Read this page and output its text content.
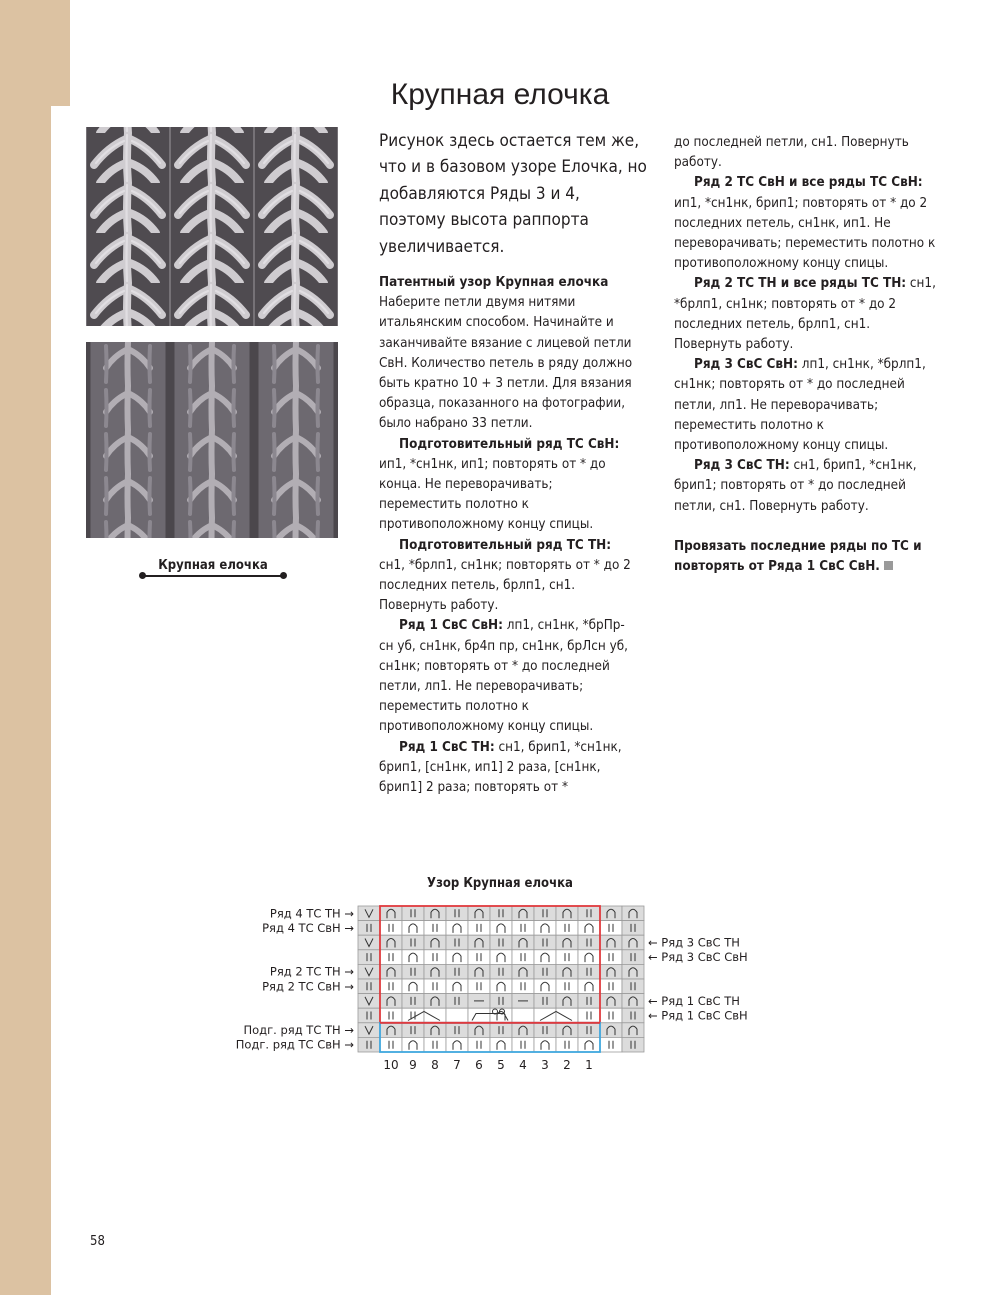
Крупная елочка
Крупная елочка

Рисунок здесь остается тем же, что и в базовом узоре Елочка, но добавляются Ряды 3 и 4, поэтому высота раппорта увеличивается.

Патентный узор Крупная елочка

Наберите петли двумя нитями итальянским способом. Начинайте и заканчивайте вязание с лицевой петли СвН. Количество петель в ряду должно быть кратно 10 + 3 петли. Для вязания образца, показанного на фотографии, было набрано 33 петли.

Подготовительный ряд ТС СвН: ип1, *сн1нк, ип1; повторять от * до конца. Не переворачивать; переместить полотно к противоположному концу спицы.

Подготовительный ряд ТС ТН: сн1, *брлп1, сн1нк; повторять от * до 2 последних петель, брлп1, сн1. Повернуть работу.

Ряд 1 СвС СвН: лп1, сн1нк, *брПр-сн уб, сн1нк, бр4п пр, сн1нк, брЛсн уб, сн1нк; повторять от * до последней петли, лп1. Не переворачивать; переместить полотно к противоположному концу спицы.

Ряд 1 СвС ТН: сн1, брип1, *сн1нк, брип1, [сн1нк, ип1] 2 раза, [сн1нк, брип1] 2 раза; повторять от *

до последней петли, сн1. Повернуть работу.

Ряд 2 ТС СвН и все ряды ТС СвН: ип1, *сн1нк, брип1; повторять от * до 2 последних петель, сн1нк, ип1. Не переворачивать; переместить полотно к противоположному концу спицы.

Ряд 2 ТС ТН и все ряды ТС ТН: сн1, *брлп1, сн1нк; повторять от * до 2 последних петель, брлп1, сн1. Повернуть работу.

Ряд 3 СвС СвН: лп1, сн1нк, *брлп1, сн1нк; повторять от * до последней петли, лп1. Не переворачивать; переместить полотно к противоположному концу спицы.

Ряд 3 СвС ТН: сн1, брип1, *сн1нк, брип1; повторять от * до последней петли, сн1. Повернуть работу.

Провязать последние ряды по ТС и повторять от Ряда 1 СвС СвН.

Узор Крупная елочка
Ряд 4 ТС ТН →
Ряд 4 ТС СвН →
Ряд 2 ТС ТН →
Ряд 2 ТС СвН →
Подг. ряд ТС ТН →
Подг. ряд ТС СвН →
← Ряд 3 СвС ТН
← Ряд 3 СвС СвН
← Ряд 1 СвС ТН
← Ряд 1 СвС СвН
10 9 8 7 6 5 4 3 2 1
58
